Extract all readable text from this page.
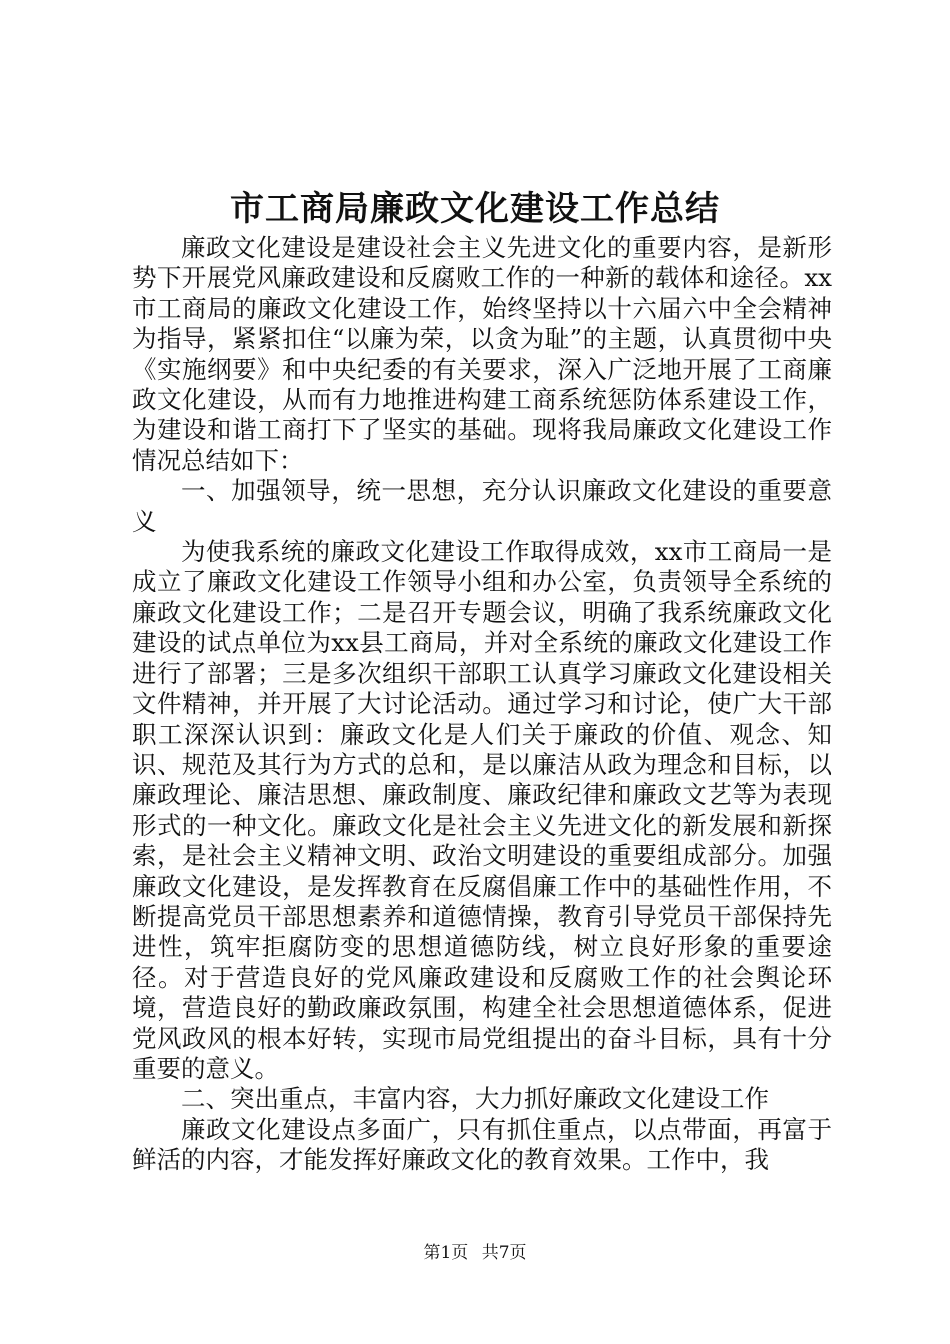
市工商局廉政文化建设工作总结

廉政文化建设是建设社会主义先进文化的重要内容，是新形势下开展党风廉政建设和反腐败工作的一种新的载体和途径。xx市工商局的廉政文化建设工作，始终坚持以十六届六中全会精神为指导，紧紧扣住“以廉为荣，以贪为耻”的主题，认真贯彻中央《实施纲要》和中央纪委的有关要求，深入广泛地开展了工商廉政文化建设，从而有力地推进构建工商系统惩防体系建设工作，为建设和谐工商打下了坚实的基础。现将我局廉政文化建设工作情况总结如下：

一、加强领导，统一思想，充分认识廉政文化建设的重要意义

为使我系统的廉政文化建设工作取得成效，xx市工商局一是成立了廉政文化建设工作领导小组和办公室，负责领导全系统的廉政文化建设工作；二是召开专题会议，明确了我系统廉政文化建设的试点单位为xx县工商局，并对全系统的廉政文化建设工作进行了部署；三是多次组织干部职工认真学习廉政文化建设相关文件精神，并开展了大讨论活动。通过学习和讨论，使广大干部职工深深认识到：廉政文化是人们关于廉政的价值、观念、知识、规范及其行为方式的总和，是以廉洁从政为理念和目标，以廉政理论、廉洁思想、廉政制度、廉政纪律和廉政文艺等为表现形式的一种文化。廉政文化是社会主义先进文化的新发展和新探索，是社会主义精神文明、政治文明建设的重要组成部分。加强廉政文化建设，是发挥教育在反腐倡廉工作中的基础性作用，不断提高党员干部思想素养和道德情操，教育引导党员干部保持先进性，筑牢拒腐防变的思想道德防线，树立良好形象的重要途径。对于营造良好的党风廉政建设和反腐败工作的社会舆论环境，营造良好的勤政廉政氛围，构建全社会思想道德体系，促进党风政风的根本好转，实现市局党组提出的奋斗目标，具有十分重要的意义。

二、突出重点，丰富内容，大力抓好廉政文化建设工作

廉政文化建设点多面广，只有抓住重点，以点带面，再富于鲜活的内容，才能发挥好廉政文化的教育效果。工作中，我

第1页 共7页
